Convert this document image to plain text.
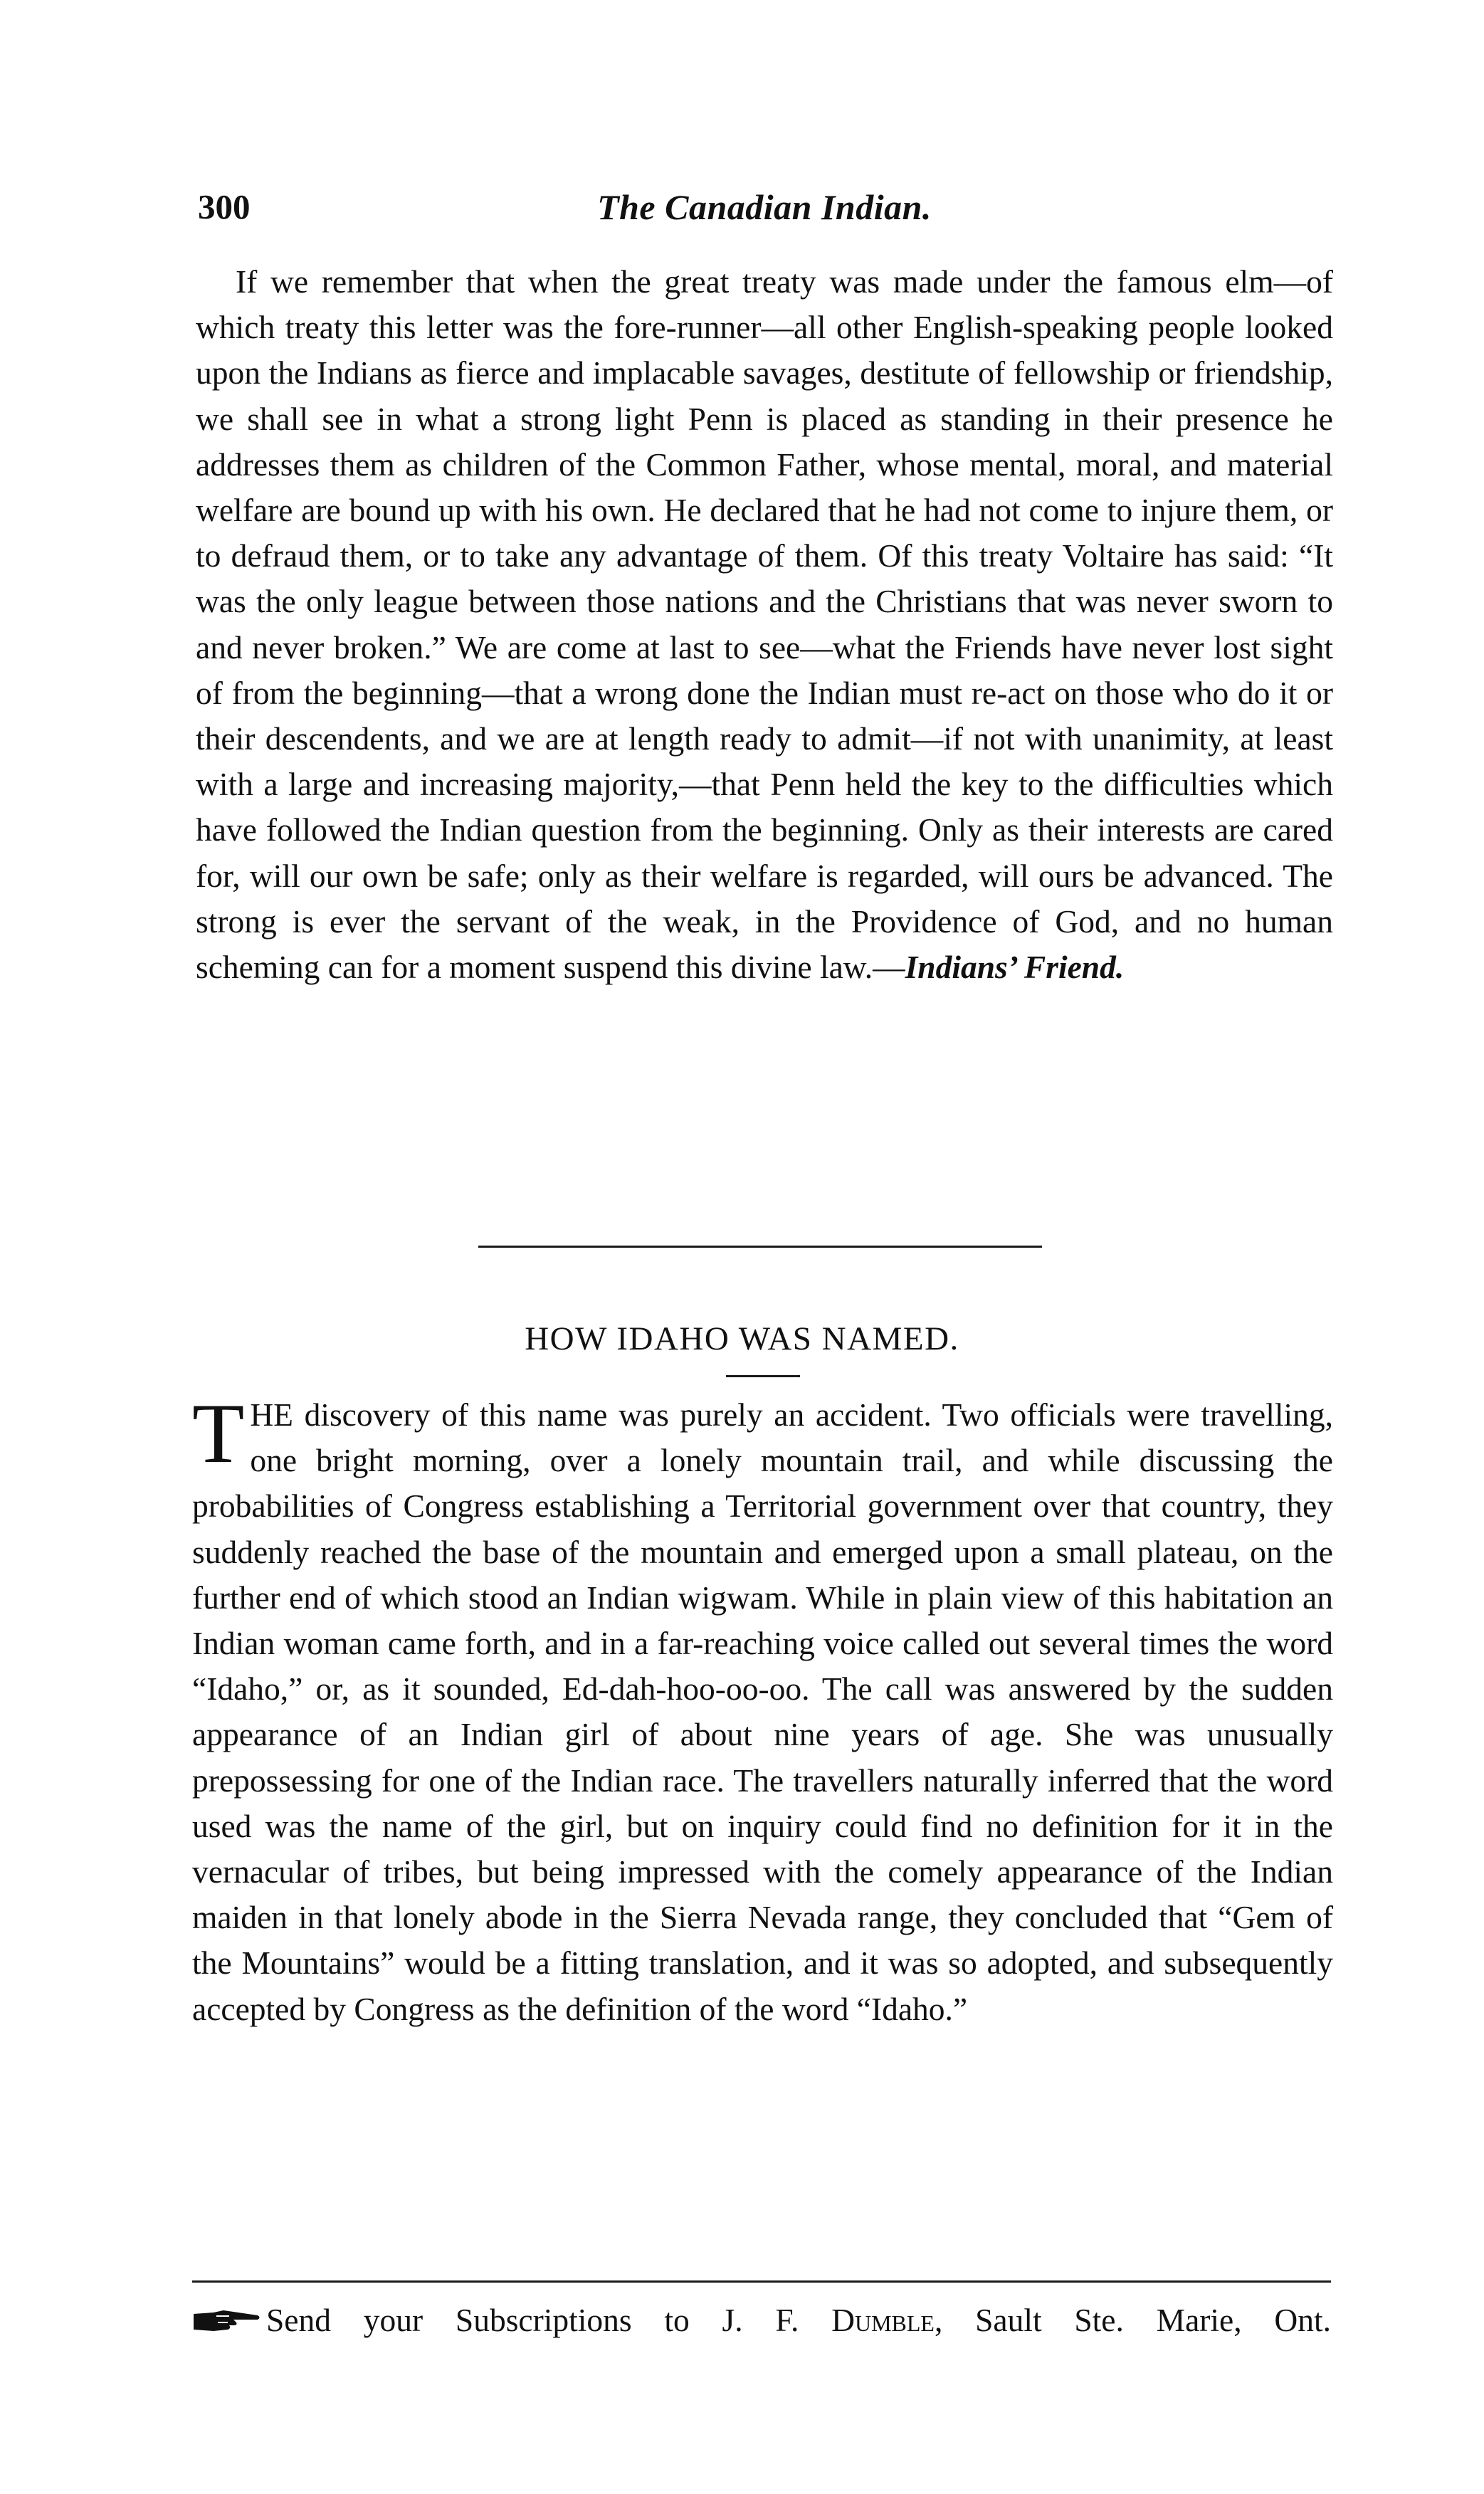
300	The Canadian Indian.

If we remember that when the great treaty was made under the famous elm—of which treaty this letter was the fore-runner—all other English-speaking people looked upon the Indians as fierce and implacable savages, destitute of fellowship or friendship, we shall see in what a strong light Penn is placed as standing in their presence he addresses them as children of the Common Father, whose mental, moral, and material welfare are bound up with his own. He declared that he had not come to injure them, or to defraud them, or to take any advantage of them. Of this treaty Voltaire has said: “It was the only league between those nations and the Christians that was never sworn to and never broken.” We are come at last to see—what the Friends have never lost sight of from the beginning—that a wrong done the Indian must re-act on those who do it or their descendents, and we are at length ready to admit—if not with unanimity, at least with a large and increasing majority,—that Penn held the key to the difficulties which have followed the Indian question from the beginning. Only as their interests are cared for, will our own be safe; only as their welfare is regarded, will ours be advanced. The strong is ever the servant of the weak, in the Providence of God, and no human scheming can for a moment suspend this divine law.—Indians’ Friend.

HOW IDAHO WAS NAMED.

THE discovery of this name was purely an accident. Two officials were travelling, one bright morning, over a lonely mountain trail, and while discussing the probabilities of Congress establishing a Territorial government over that country, they suddenly reached the base of the mountain and emerged upon a small plateau, on the further end of which stood an Indian wigwam. While in plain view of this habitation an Indian woman came forth, and in a far-reaching voice called out several times the word “Idaho,” or, as it sounded, Ed-dah-hoo-oo-oo. The call was answered by the sudden appearance of an Indian girl of about nine years of age. She was unusually prepossessing for one of the Indian race. The travellers naturally inferred that the word used was the name of the girl, but on inquiry could find no definition for it in the vernacular of tribes, but being impressed with the comely appearance of the Indian maiden in that lonely abode in the Sierra Nevada range, they concluded that “Gem of the Mountains” would be a fitting translation, and it was so adopted, and subsequently accepted by Congress as the definition of the word “Idaho.”

Send your Subscriptions to J. F. Dumble, Sault Ste. Marie, Ont.
